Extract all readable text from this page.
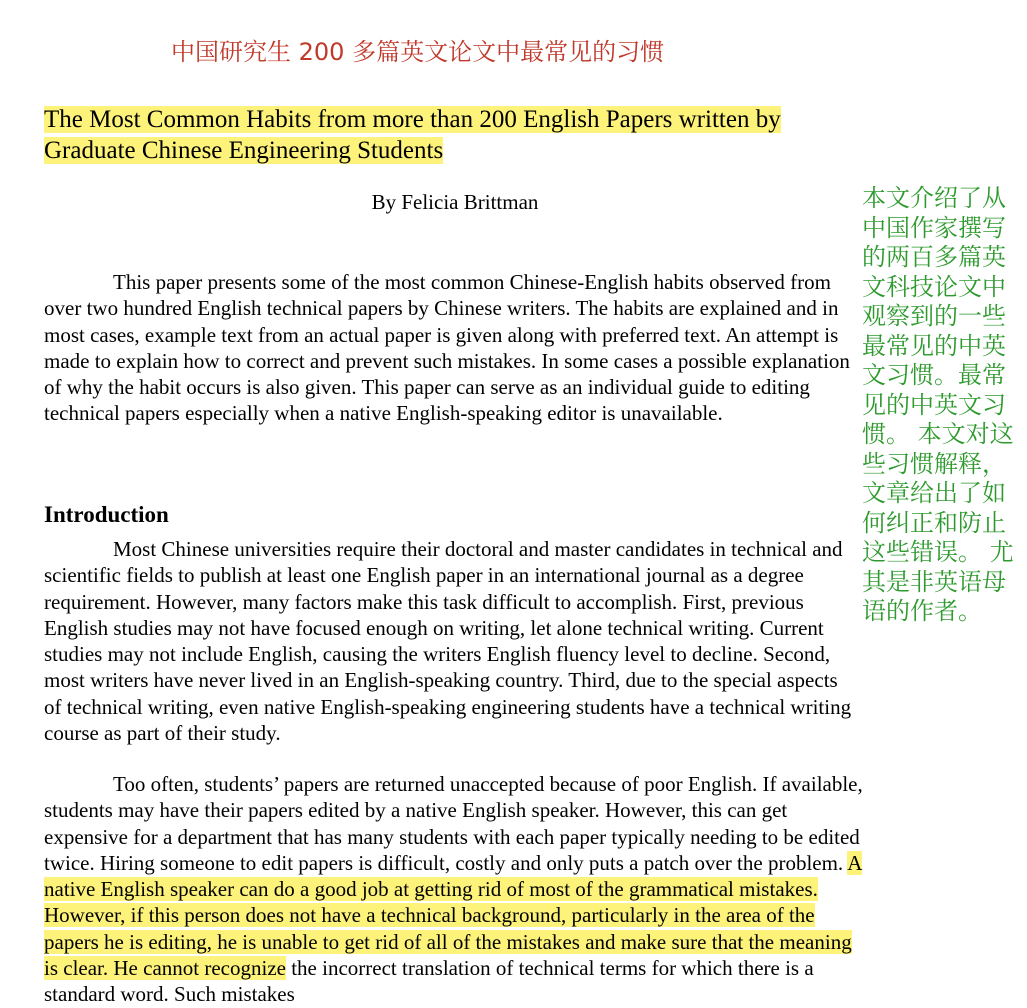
中国研究生 200 多篇英文论文中最常见的习惯
The Most Common Habits from more than 200 English Papers written by Graduate Chinese Engineering Students
By Felicia Brittman

This paper presents some of the most common Chinese-English habits observed from over two hundred English technical papers by Chinese writers. The habits are explained and in most cases, example text from an actual paper is given along with preferred text. An attempt is made to explain how to correct and prevent such mistakes. In some cases a possible explanation of why the habit occurs is also given. This paper can serve as an individual guide to editing technical papers especially when a native English-speaking editor is unavailable.

Introduction

Most Chinese universities require their doctoral and master candidates in technical and scientific fields to publish at least one English paper in an international journal as a degree requirement. However, many factors make this task difficult to accomplish. First, previous English studies may not have focused enough on writing, let alone technical writing. Current studies may not include English, causing the writers English fluency level to decline. Second, most writers have never lived in an English-speaking country. Third, due to the special aspects of technical writing, even native English-speaking engineering students have a technical writing course as part of their study.

Too often, students’ papers are returned unaccepted because of poor English. If available, students may have their papers edited by a native English speaker. However, this can get expensive for a department that has many students with each paper typically needing to be edited twice. Hiring someone to edit papers is difficult, costly and only puts a patch over the problem. A native English speaker can do a good job at getting rid of most of the grammatical mistakes. However, if this person does not have a technical background, particularly in the area of the papers he is editing, he is unable to get rid of all of the mistakes and make sure that the meaning is clear. He cannot recognize the incorrect translation of technical terms for which there is a standard word. Such mistakes

本文介绍了从中国作家撰写的两百多篇英文科技论文中观察到的一些最常见的中英文习惯。最常见的中英文习惯。 本文对这些习惯解释，文章给出了如何纠正和防止这些错误。 尤其是非英语母语的作者。
